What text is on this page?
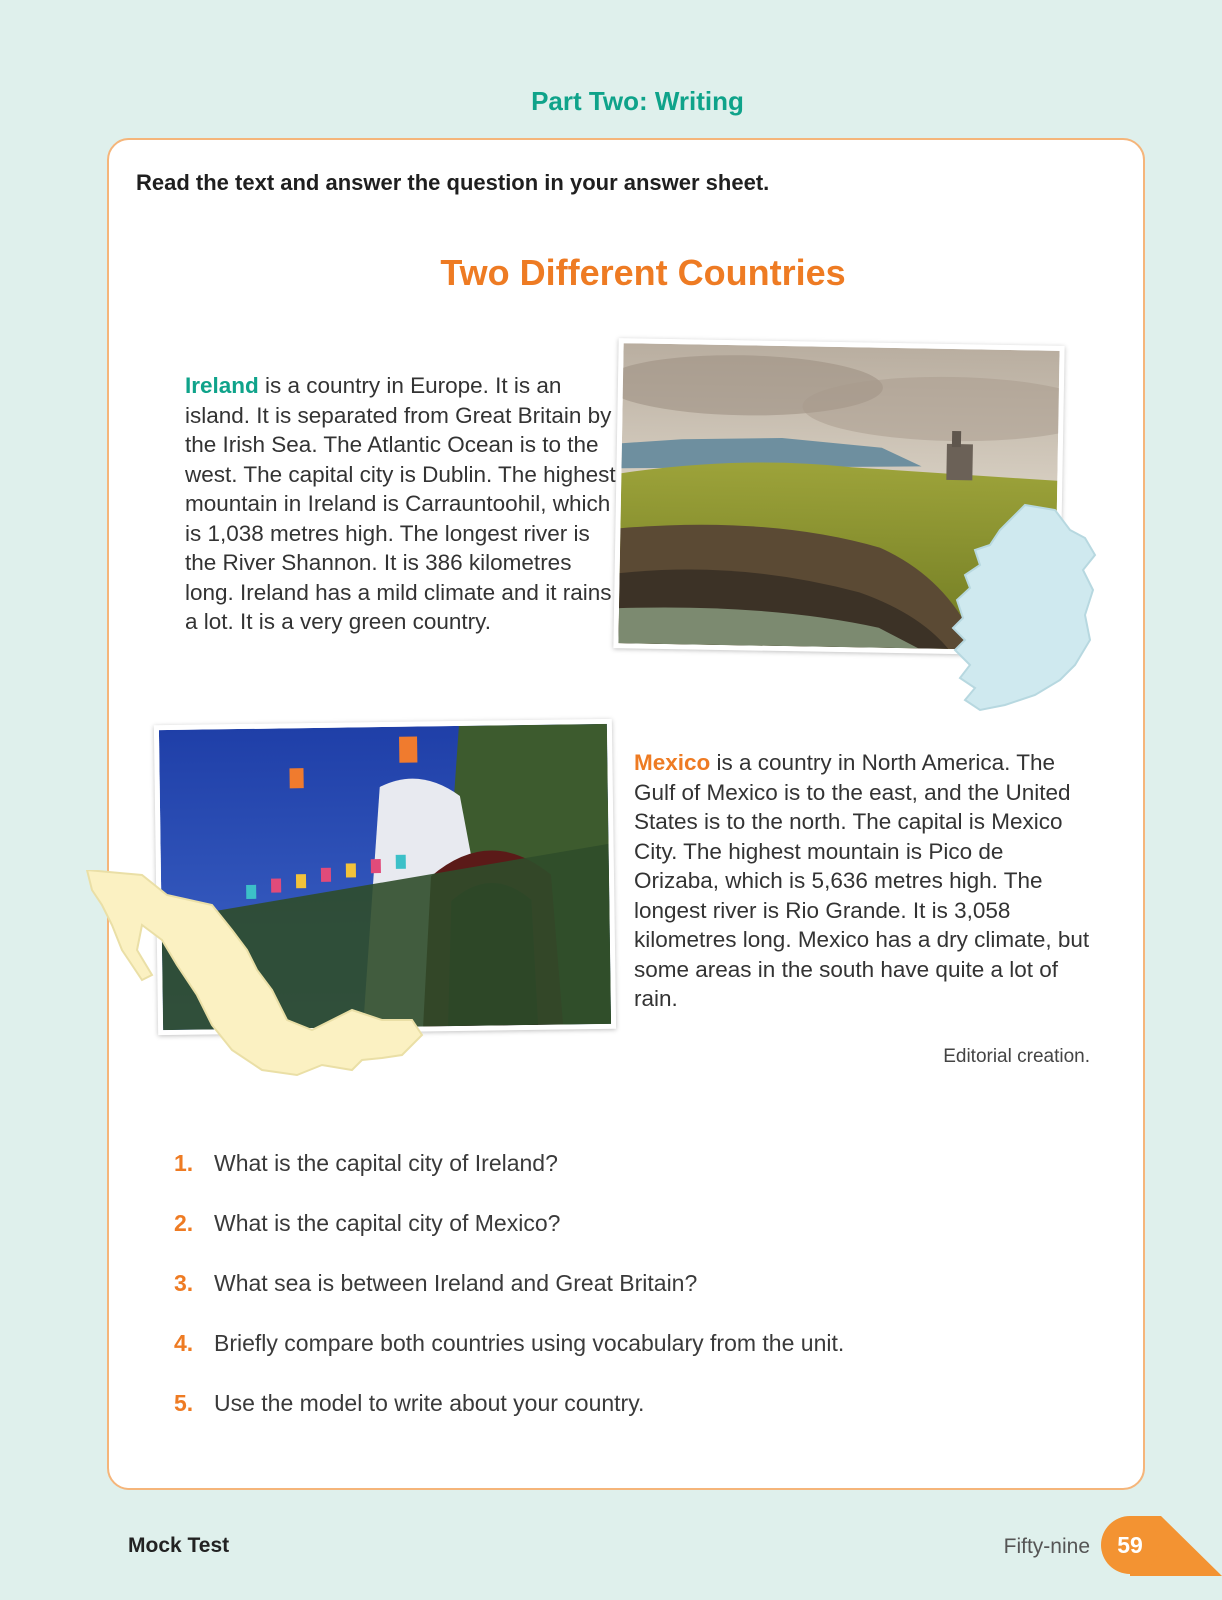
Part Two: Writing
Read the text and answer the question in your answer sheet.
Two Different Countries
Ireland is a country in Europe. It is an island. It is separated from Great Britain by the Irish Sea. The Atlantic Ocean is to the west. The capital city is Dublin. The highest mountain in Ireland is Carrauntoohil, which is 1,038 metres high. The longest river is the River Shannon. It is 386 kilometres long. Ireland has a mild climate and it rains a lot. It is a very green country.
Mexico is a country in North America. The Gulf of Mexico is to the east, and the United States is to the north. The capital is Mexico City. The highest mountain is Pico de Orizaba, which is 5,636 metres high. The longest river is Rio Grande. It is 3,058 kilometres long. Mexico has a dry climate, but some areas in the south have quite a lot of rain.
Editorial creation.
1. What is the capital city of Ireland?
2. What is the capital city of Mexico?
3. What sea is between Ireland and Great Britain?
4. Briefly compare both countries using vocabulary from the unit.
5. Use the model to write about your country.
Mock Test	Fifty-nine	59
